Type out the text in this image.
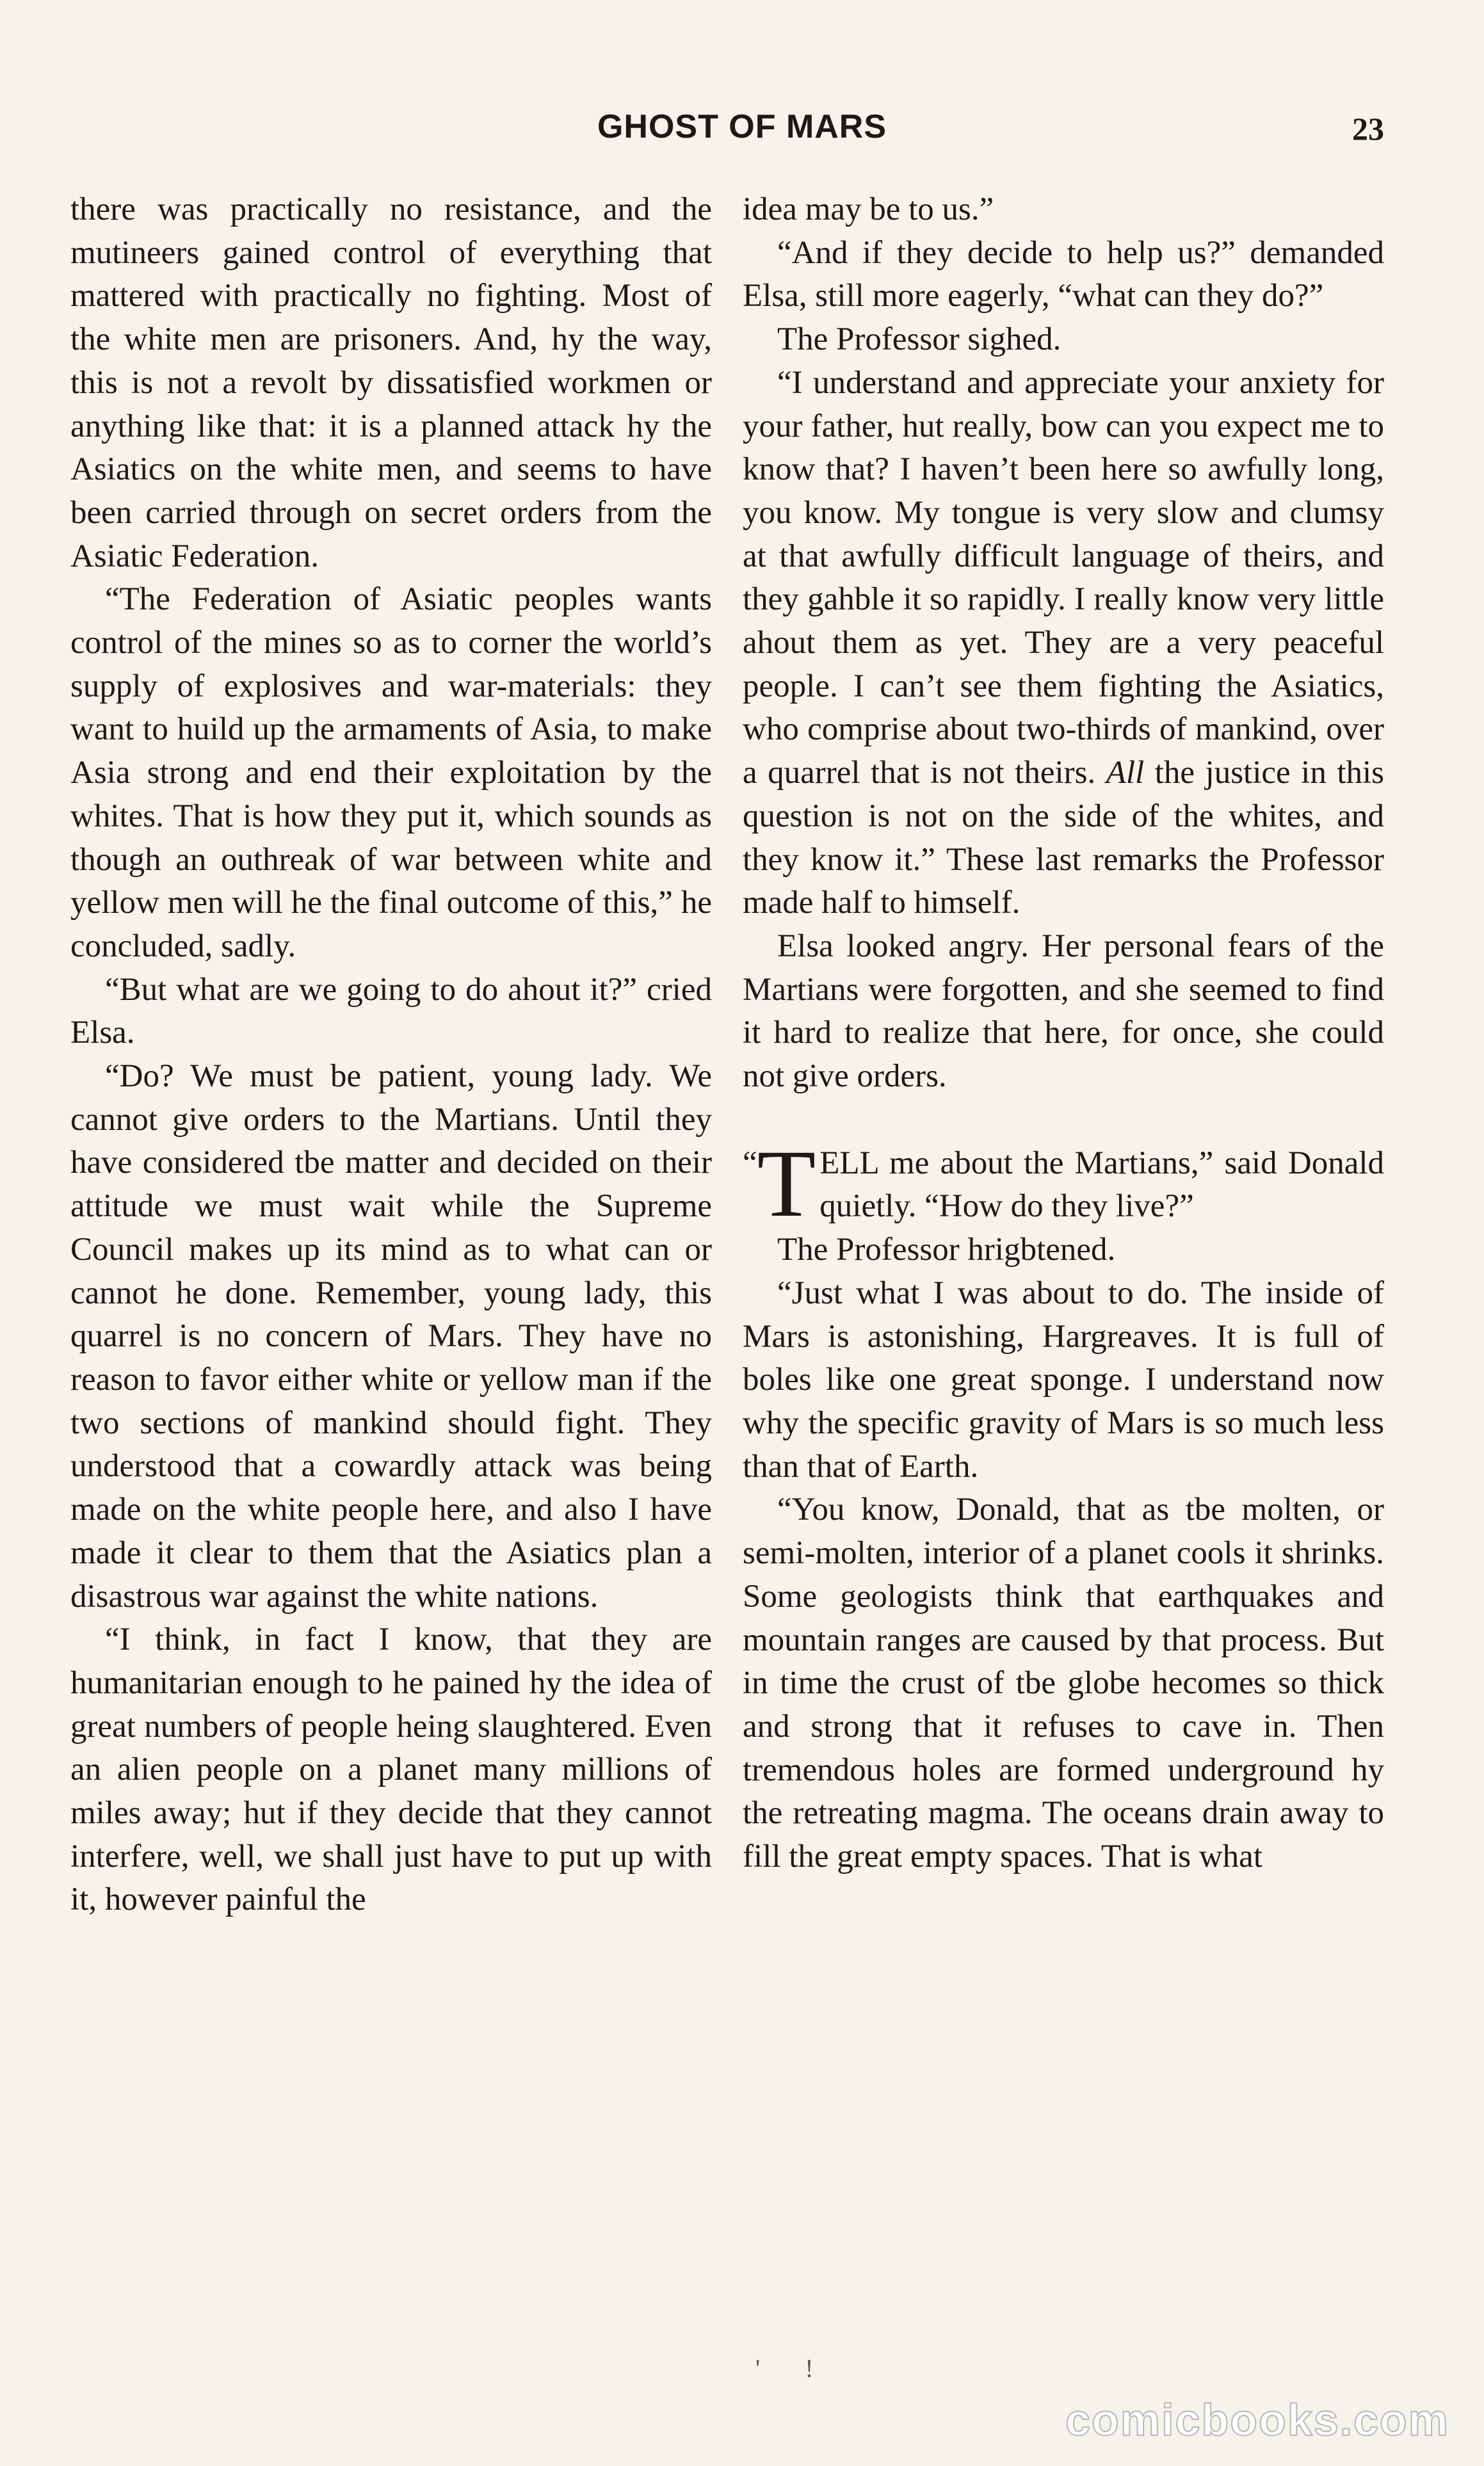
GHOST OF MARS	23

there was practically no resistance, and the mutineers gained control of everything that mattered with practically no fighting. Most of the white men are prisoners. And, hy the way, this is not a revolt by dissatisfied workmen or anything like that: it is a planned attack hy the Asiatics on the white men, and seems to have been carried through on secret orders from the Asiatic Federation.

“The Federation of Asiatic peoples wants control of the mines so as to corner the world’s supply of explosives and war-materials: they want to huild up the armaments of Asia, to make Asia strong and end their exploitation by the whites. That is how they put it, which sounds as though an outhreak of war between white and yellow men will he the final outcome of this,” he concluded, sadly.

“But what are we going to do ahout it?” cried Elsa.

“Do? We must be patient, young lady. We cannot give orders to the Martians. Until they have considered tbe matter and decided on their attitude we must wait while the Supreme Council makes up its mind as to what can or cannot he done. Remember, young lady, this quarrel is no concern of Mars. They have no reason to favor either white or yellow man if the two sections of mankind should fight. They understood that a cowardly attack was being made on the white people here, and also I have made it clear to them that the Asiatics plan a disastrous war against the white nations.

“I think, in fact I know, that they are humanitarian enough to he pained hy the idea of great numbers of people heing slaughtered. Even an alien people on a planet many millions of miles away; hut if they decide that they cannot interfere, well, we shall just have to put up with it, however painful the

idea may be to us.”

“And if they decide to help us?” demanded Elsa, still more eagerly, “what can they do?”

The Professor sighed.

“I understand and appreciate your anxiety for your father, hut really, bow can you expect me to know that? I haven’t been here so awfully long, you know. My tongue is very slow and clumsy at that awfully difficult language of theirs, and they gahble it so rapidly. I really know very little ahout them as yet. They are a very peaceful people. I can’t see them fighting the Asiatics, who comprise about two-thirds of mankind, over a quarrel that is not theirs. All the justice in this question is not on the side of the whites, and they know it.” These last remarks the Professor made half to himself.

Elsa looked angry. Her personal fears of the Martians were forgotten, and she seemed to find it hard to realize that here, for once, she could not give orders.

“ T ELL me about the Martians,” said Donald quietly. “How do they live?”

The Professor hrigbtened.

“Just what I was about to do. The inside of Mars is astonishing, Hargreaves. It is full of boles like one great sponge. I understand now why the specific gravity of Mars is so much less than that of Earth.

“You know, Donald, that as tbe molten, or semi-molten, interior of a planet cools it shrinks. Some geologists think that earthquakes and mountain ranges are caused by that process. But in time the crust of tbe globe hecomes so thick and strong that it refuses to cave in. Then tremendous holes are formed underground hy the retreating magma. The oceans drain away to fill the great empty spaces. That is what

'       !
comicbooks.com
